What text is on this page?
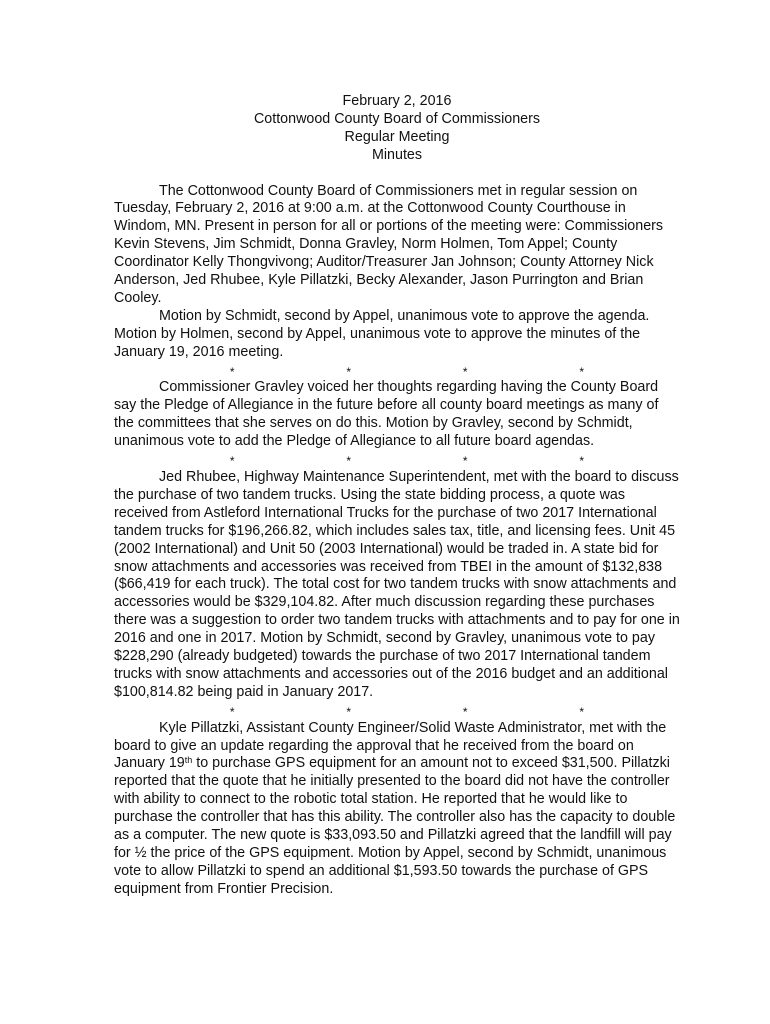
February 2, 2016
Cottonwood County Board of Commissioners
Regular Meeting
Minutes

The Cottonwood County Board of Commissioners met in regular session on Tuesday, February 2, 2016 at 9:00 a.m. at the Cottonwood County Courthouse in Windom, MN. Present in person for all or portions of the meeting were: Commissioners Kevin Stevens, Jim Schmidt, Donna Gravley, Norm Holmen, Tom Appel; County Coordinator Kelly Thongvivong; Auditor/Treasurer Jan Johnson; County Attorney Nick Anderson, Jed Rhubee, Kyle Pillatzki, Becky Alexander, Jason Purrington and Brian Cooley.

Motion by Schmidt, second by Appel, unanimous vote to approve the agenda.

Motion by Holmen, second by Appel, unanimous vote to approve the minutes of the January 19, 2016 meeting.

*	*	*	*

Commissioner Gravley voiced her thoughts regarding having the County Board say the Pledge of Allegiance in the future before all county board meetings as many of the committees that she serves on do this. Motion by Gravley, second by Schmidt, unanimous vote to add the Pledge of Allegiance to all future board agendas.

*	*	*	*

Jed Rhubee, Highway Maintenance Superintendent, met with the board to discuss the purchase of two tandem trucks. Using the state bidding process, a quote was received from Astleford International Trucks for the purchase of two 2017 International tandem trucks for $196,266.82, which includes sales tax, title, and licensing fees. Unit 45 (2002 International) and Unit 50 (2003 International) would be traded in. A state bid for snow attachments and accessories was received from TBEI in the amount of $132,838 ($66,419 for each truck). The total cost for two tandem trucks with snow attachments and accessories would be $329,104.82. After much discussion regarding these purchases there was a suggestion to order two tandem trucks with attachments and to pay for one in 2016 and one in 2017. Motion by Schmidt, second by Gravley, unanimous vote to pay $228,290 (already budgeted) towards the purchase of two 2017 International tandem trucks with snow attachments and accessories out of the 2016 budget and an additional $100,814.82 being paid in January 2017.

*	*	*	*

Kyle Pillatzki, Assistant County Engineer/Solid Waste Administrator, met with the board to give an update regarding the approval that he received from the board on January 19th to purchase GPS equipment for an amount not to exceed $31,500. Pillatzki reported that the quote that he initially presented to the board did not have the controller with ability to connect to the robotic total station. He reported that he would like to purchase the controller that has this ability. The controller also has the capacity to double as a computer. The new quote is $33,093.50 and Pillatzki agreed that the landfill will pay for ½ the price of the GPS equipment. Motion by Appel, second by Schmidt, unanimous vote to allow Pillatzki to spend an additional $1,593.50 towards the purchase of GPS equipment from Frontier Precision.
